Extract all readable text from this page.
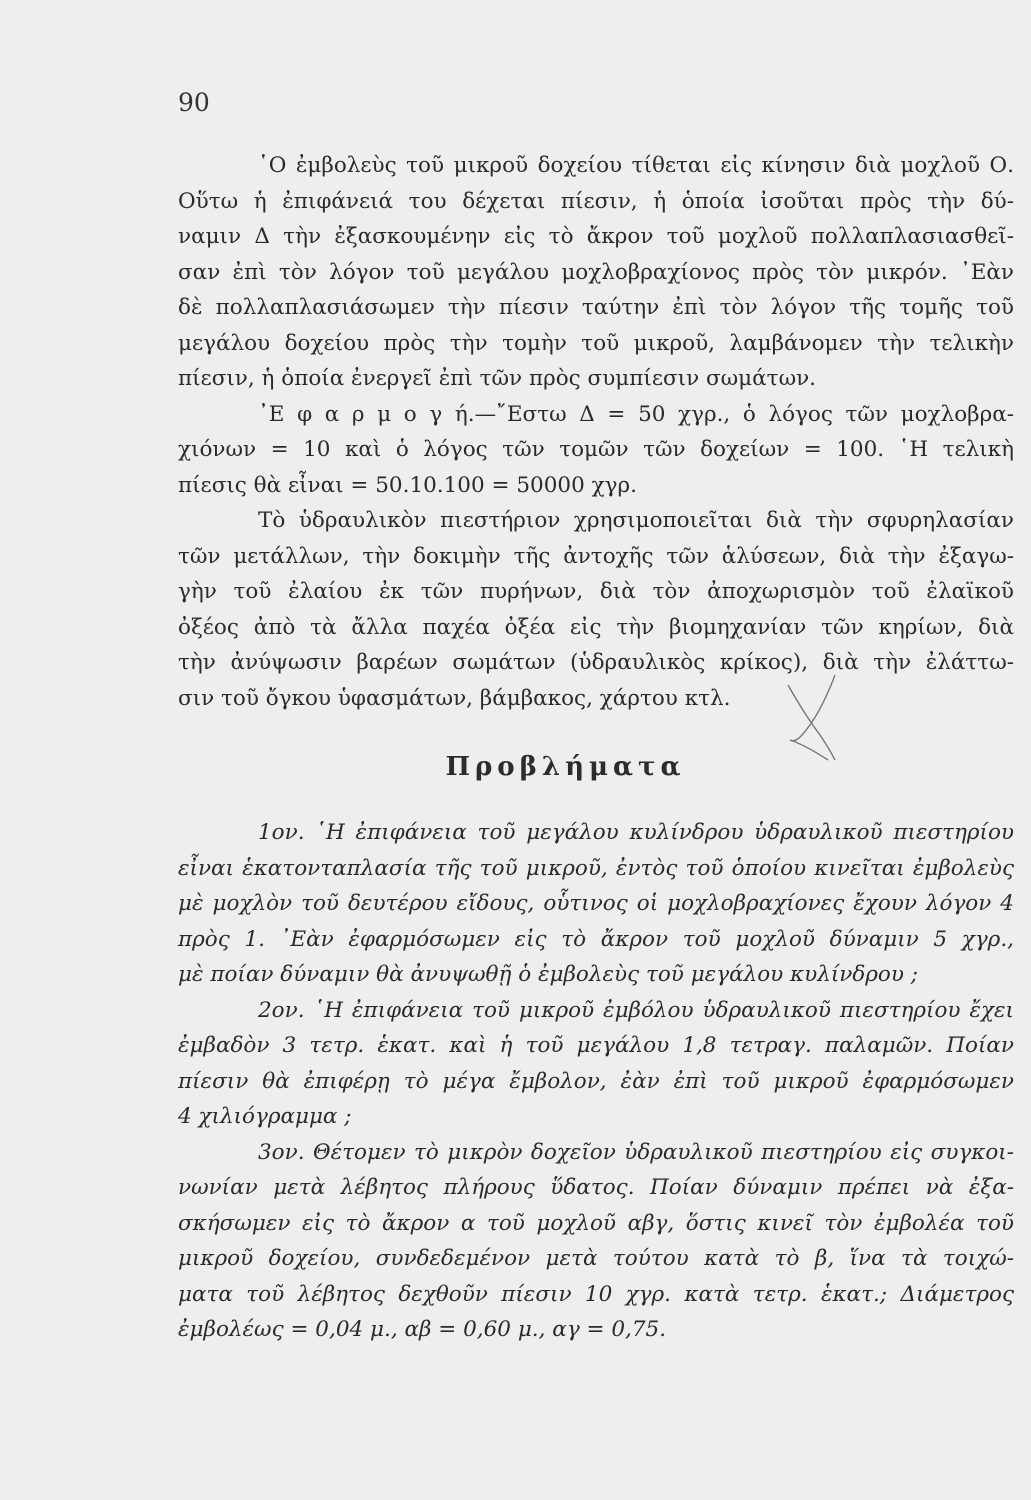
90
῾Ο ἐμβολεὺς τοῦ μικροῦ δοχείου τίθεται εἰς κίνησιν διὰ μοχλοῦ Ο.
Οὕτω ἡ ἐπιφάνειά του δέχεται πίεσιν, ἡ ὁποία ἰσοῦται πρὸς τὴν δύ-
ναμιν Δ τὴν ἐξασκουμένην εἰς τὸ ἄκρον τοῦ μοχλοῦ πολλαπλασιασθεῖ-
σαν ἐπὶ τὸν λόγον τοῦ μεγάλου μοχλοβραχίονος πρὸς τὸν μικρόν. ᾿Εὰν
δὲ πολλαπλασιάσωμεν τὴν πίεσιν ταύτην ἐπὶ τὸν λόγον τῆς τομῆς τοῦ
μεγάλου δοχείου πρὸς τὴν τομὴν τοῦ μικροῦ, λαμβάνομεν τὴν τελικὴν
πίεσιν, ἡ ὁποία ἐνεργεῖ ἐπὶ τῶν πρὸς συμπίεσιν σωμάτων.
᾿Ε φ α ρ μ ο γ ή.—῎Εστω Δ = 50 χγρ., ὁ λόγος τῶν μοχλοβρα-
χιόνων = 10 καὶ ὁ λόγος τῶν τομῶν τῶν δοχείων = 100. ῾Η τελικὴ
πίεσις θὰ εἶναι = 50.10.100 = 50000 χγρ.
Τὸ ὑδραυλικὸν πιεστήριον χρησιμοποιεῖται διὰ τὴν σφυρηλασίαν
τῶν μετάλλων, τὴν δοκιμὴν τῆς ἀντοχῆς τῶν ἁλύσεων, διὰ τὴν ἐξαγω-
γὴν τοῦ ἐλαίου ἐκ τῶν πυρήνων, διὰ τὸν ἀποχωρισμὸν τοῦ ἐλαϊκοῦ
ὀξέος ἀπὸ τὰ ἄλλα παχέα ὀξέα εἰς τὴν βιομηχανίαν τῶν κηρίων, διὰ
τὴν ἀνύψωσιν βαρέων σωμάτων (ὑδραυλικὸς κρίκος), διὰ τὴν ἐλάττω-
σιν τοῦ ὄγκου ὑφασμάτων, βάμβακος, χάρτου κτλ.
Προβλήματα
1ον. ῾Η ἐπιφάνεια τοῦ μεγάλου κυλίνδρου ὑδραυλικοῦ πιεστηρίου
εἶναι ἑκατονταπλασία τῆς τοῦ μικροῦ, ἐντὸς τοῦ ὁποίου κινεῖται ἐμβολεὺς
μὲ μοχλὸν τοῦ δευτέρου εἴδους, οὗτινος οἱ μοχλοβραχίονες ἔχουν λόγον 4
πρὸς 1. ᾿Εὰν ἐφαρμόσωμεν εἰς τὸ ἄκρον τοῦ μοχλοῦ δύναμιν 5 χγρ.,
μὲ ποίαν δύναμιν θὰ ἀνυψωθῇ ὁ ἐμβολεὺς τοῦ μεγάλου κυλίνδρου ;
2ον. ῾Η ἐπιφάνεια τοῦ μικροῦ ἐμβόλου ὑδραυλικοῦ πιεστηρίου ἔχει
ἐμβαδὸν 3 τετρ. ἑκατ. καὶ ἡ τοῦ μεγάλου 1,8 τετραγ. παλαμῶν. Ποίαν
πίεσιν θὰ ἐπιφέρῃ τὸ μέγα ἔμβολον, ἐὰν ἐπὶ τοῦ μικροῦ ἐφαρμόσωμεν
4 χιλιόγραμμα ;
3ον. Θέτομεν τὸ μικρὸν δοχεῖον ὑδραυλικοῦ πιεστηρίου εἰς συγκοι-
νωνίαν μετὰ λέβητος πλήρους ὕδατος. Ποίαν δύναμιν πρέπει νὰ ἐξα-
σκήσωμεν εἰς τὸ ἄκρον α τοῦ μοχλοῦ αβγ, ὅστις κινεῖ τὸν ἐμβολέα τοῦ
μικροῦ δοχείου, συνδεδεμένον μετὰ τούτου κατὰ τὸ β, ἵνα τὰ τοιχώ-
ματα τοῦ λέβητος δεχθοῦν πίεσιν 10 χγρ. κατὰ τετρ. ἑκατ.; Διάμετρος
ἐμβολέως = 0,04 μ., αβ = 0,60 μ., αγ = 0,75.
